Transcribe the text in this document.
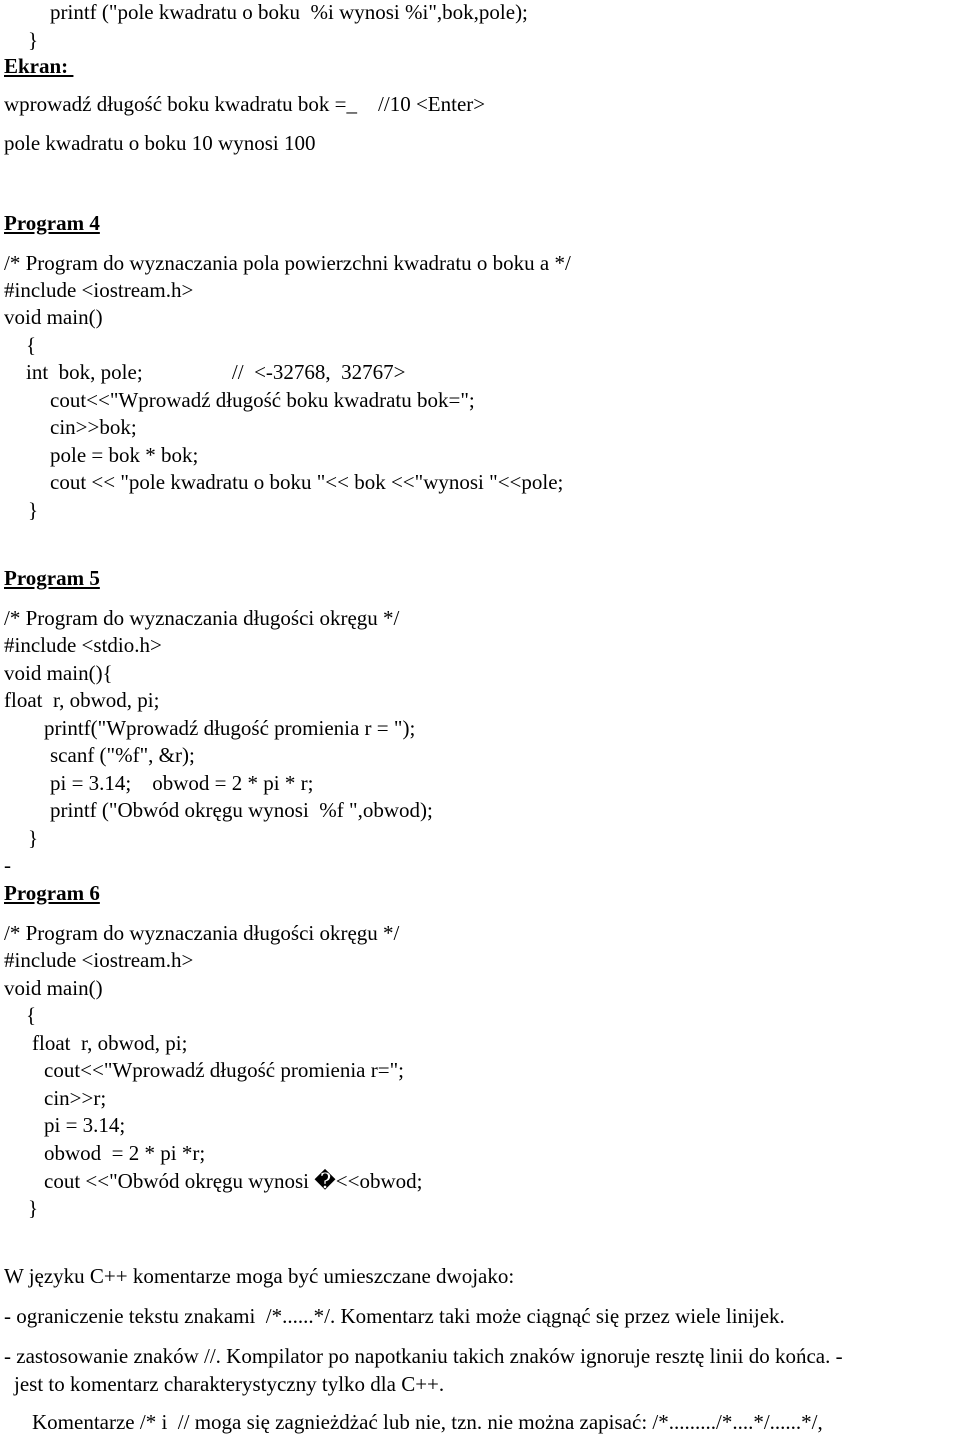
printf ("pole kwadratu o boku  %i wynosi %i",bok,pole);
}
Ekran:
wprowadź długość boku kwadratu bok =_    //10 <Enter>
pole kwadratu o boku 10 wynosi 100
Program 4
/* Program do wyznaczania pola powierzchni kwadratu o boku a */
#include <iostream.h>
void main()
{
int  bok, pole;                 //  <-32768,  32767>
cout<<"Wprowadź długość boku kwadratu bok=";
cin>>bok;
pole = bok * bok;
cout << "pole kwadratu o boku "<< bok <<"wynosi "<<pole;
}
Program 5
/* Program do wyznaczania długości okręgu */
#include <stdio.h>
void main(){
float  r, obwod, pi;
printf("Wprowadź długość promienia r = ");
scanf ("%f", &r);
pi = 3.14;    obwod = 2 * pi * r;
printf ("Obwód okręgu wynosi  %f ",obwod);
}
-
Program 6
/* Program do wyznaczania długości okręgu */
#include <iostream.h>
void main()
{
float  r, obwod, pi;
cout<<"Wprowadź długość promienia r=";
cin>>r;
pi = 3.14;
obwod  = 2 * pi *r;
cout <<"Obwód okręgu wynosi �<<obwod;
}
W języku C++ komentarze moga być umieszczane dwojako:
- ograniczenie tekstu znakami  /*......*/. Komentarz taki może ciągnąć się przez wiele linijek.
- zastosowanie znaków //. Kompilator po napotkaniu takich znaków ignoruje resztę linii do końca. -
jest to komentarz charakterystyczny tylko dla C++.
Komentarze /* i  // moga się zagnieżdżać lub nie, tzn. nie można zapisać: /*........./*....*/......*/,
